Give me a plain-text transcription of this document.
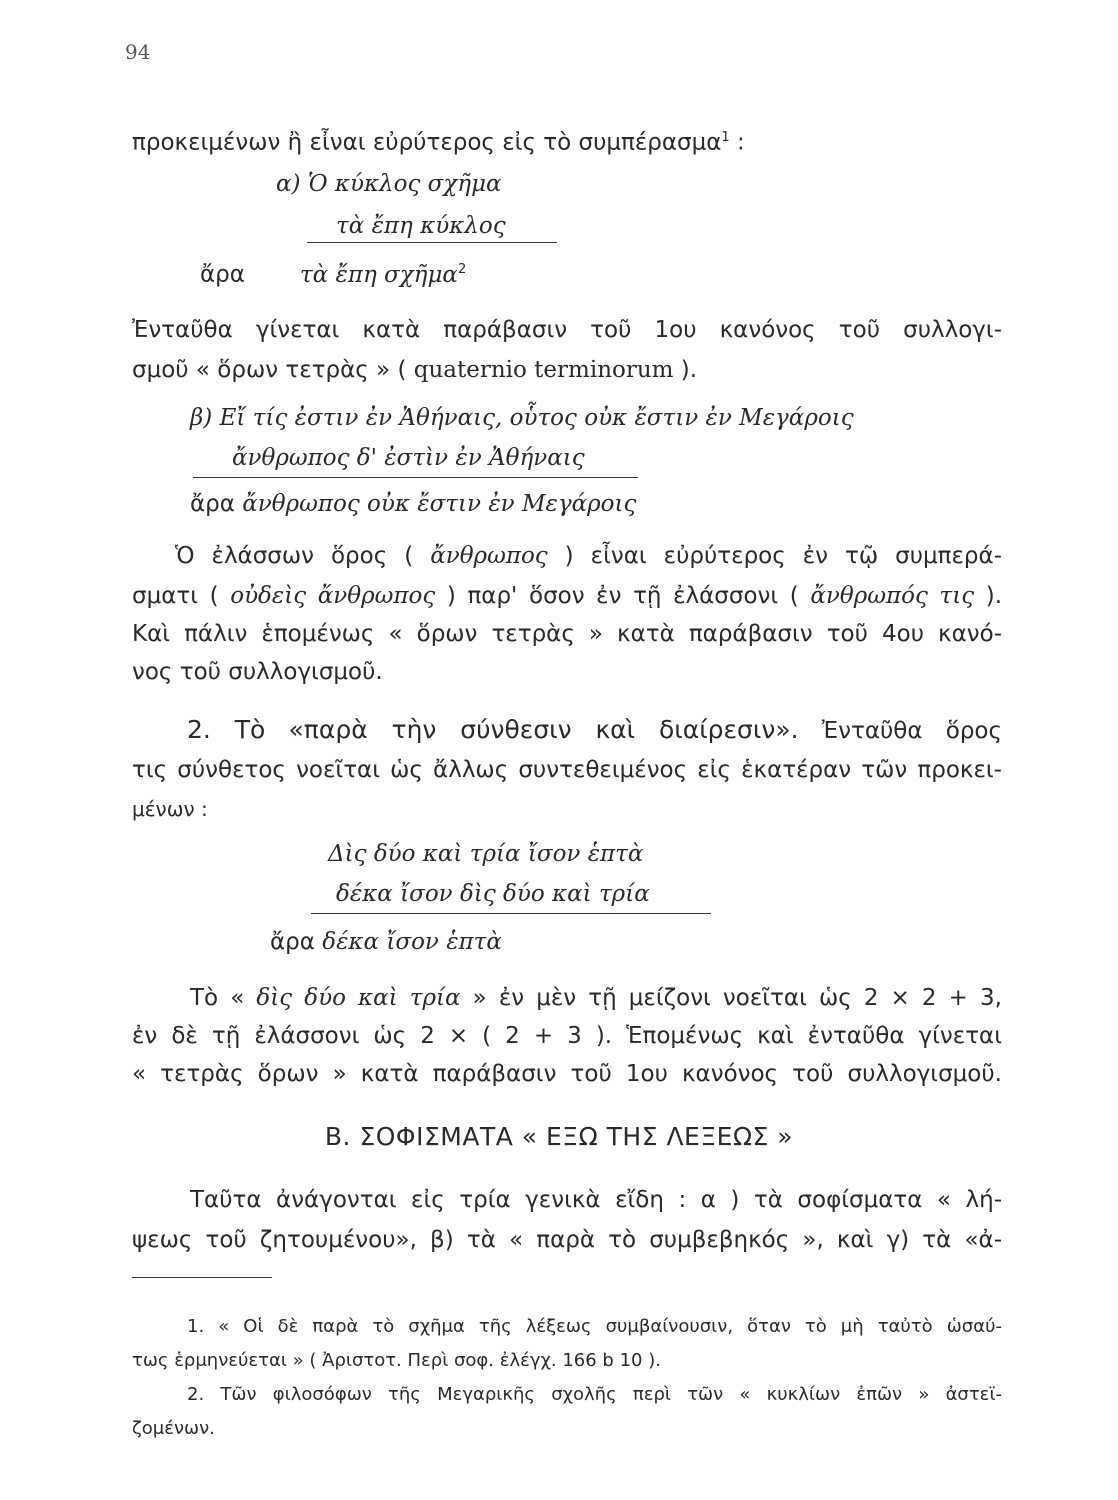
94
προκειμένων ἢ εἶναι εὐρύτερος εἰς τὸ συμπέρασμα$^1$ :
α) Ὁ κύκλος σχῆμα
τὰ ἔπη κύκλος
ἄρα τὰ ἔπη σχῆμα$^2$
Ἐνταῦθα γίνεται κατὰ παράβασιν τοῦ 1ου κανόνος τοῦ συλλογι-
σμοῦ « ὅρων τετρὰς » ( quaternio terminorum ).
β) Εἴ τίς ἐστιν ἐν Ἀθήναις, οὗτος οὐκ ἔστιν ἐν Μεγάροις
ἄνθρωπος δ' ἐστὶν ἐν Ἀθήναις
ἄρα ἄνθρωπος οὐκ ἔστιν ἐν Μεγάροις
Ὁ ἐλάσσων ὅρος ( ἄνθρωπος ) εἶναι εὐρύτερος ἐν τῷ συμπερά-
σματι ( οὐδεὶς ἄνθρωπος ) παρ' ὅσον ἐν τῇ ἐλάσσονι ( ἄνθρωπός τις ).
Καὶ πάλιν ἑπομένως « ὅρων τετρὰς » κατὰ παράβασιν τοῦ 4ου κανό-
νος τοῦ συλλογισμοῦ.
2. Τὸ «παρὰ τὴν σύνθεσιν καὶ διαίρεσιν». Ἐνταῦθα ὅρος
τις σύνθετος νοεῖται ὡς ἄλλως συντεθειμένος εἰς ἑκατέραν τῶν προκει-
μένων :
Δὶς δύο καὶ τρία ἴσον ἑπτὰ
δέκα ἴσον δὶς δύο καὶ τρία
ἄρα δέκα ἴσον ἑπτὰ
Τὸ « δὶς δύο καὶ τρία » ἐν μὲν τῇ μείζονι νοεῖται ὡς 2 × 2 + 3,
ἐν δὲ τῇ ἐλάσσονι ὡς 2 × ( 2 + 3 ). Ἑπομένως καὶ ἐνταῦθα γίνεται
« τετρὰς ὅρων » κατὰ παράβασιν τοῦ 1ου κανόνος τοῦ συλλογισμοῦ.
Β. ΣΟΦΙΣΜΑΤΑ « ΕΞΩ ΤΗΣ ΛΕΞΕΩΣ »
Ταῦτα ἀνάγονται εἰς τρία γενικὰ εἴδη : α ) τὰ σοφίσματα « λή-
ψεως τοῦ ζητουμένου», β) τὰ « παρὰ τὸ συμβεβηκός », καὶ γ) τὰ «ἀ-
1. « Οἱ δὲ παρὰ τὸ σχῆμα τῆς λέξεως συμβαίνουσιν, ὅταν τὸ μὴ ταὐτὸ ὡσαύ-
τως ἑρμηνεύεται » ( Ἀριστοτ. Περὶ σοφ. ἐλέγχ. 166 b 10 ).
2. Τῶν φιλοσόφων τῆς Μεγαρικῆς σχολῆς περὶ τῶν « κυκλίων ἐπῶν » ἀστεϊ-
ζομένων.
